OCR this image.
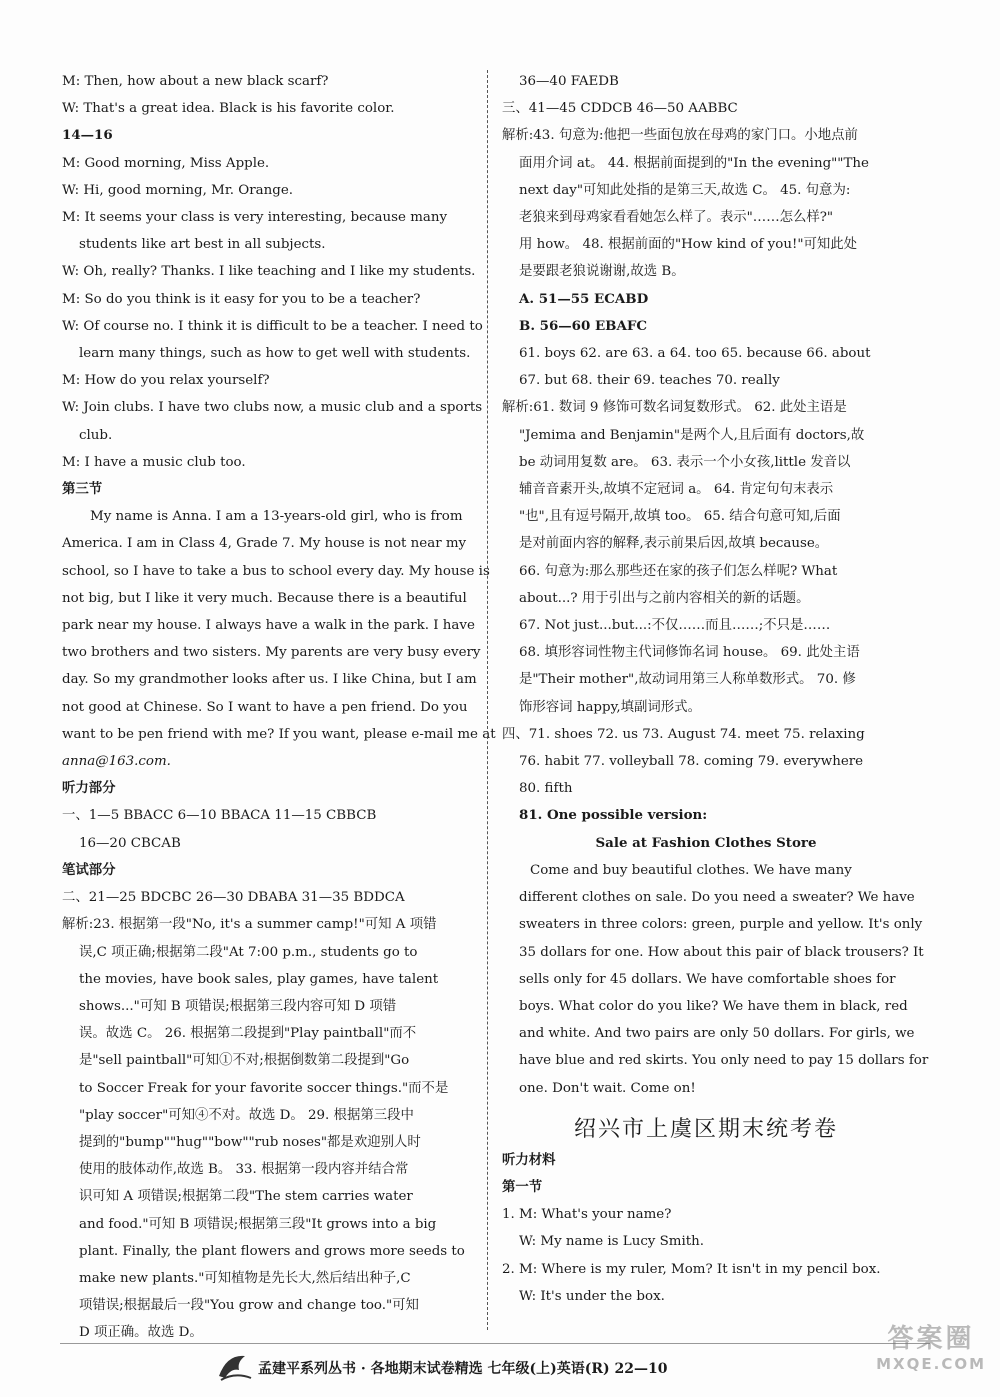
M: Then, how about a new black scarf?
W: That's a great idea. Black is his favorite color.
14—16
M: Good morning, Miss Apple.
W: Hi, good morning, Mr. Orange.
M: It seems your class is very interesting, because many
students like art best in all subjects.
W: Oh, really? Thanks. I like teaching and I like my students.
M: So do you think is it easy for you to be a teacher?
W: Of course no. I think it is difficult to be a teacher. I need to
learn many things, such as how to get well with students.
M: How do you relax yourself?
W: Join clubs. I have two clubs now, a music club and a sports
club.
M: I have a music club too.
第三节
My name is Anna. I am a 13-years-old girl, who is from
America. I am in Class 4, Grade 7. My house is not near my
school, so I have to take a bus to school every day. My house is
not big, but I like it very much. Because there is a beautiful
park near my house. I always have a walk in the park. I have
two brothers and two sisters. My parents are very busy every
day. So my grandmother looks after us. I like China, but I am
not good at Chinese. So I want to have a pen friend. Do you
want to be pen friend with me? If you want, please e-mail me at
anna@163.com.
听力部分
一、1—5 BBACC 6—10 BBACA 11—15 CBBCB
16—20 CBCAB
笔试部分
二、21—25 BDCBC 26—30 DBABA 31—35 BDDCA
解析:23. 根据第一段"No, it's a summer camp!"可知 A 项错
误,C 项正确;根据第二段"At 7:00 p.m., students go to
the movies, have book sales, play games, have talent
shows..."可知 B 项错误;根据第三段内容可知 D 项错
误。故选 C。 26. 根据第二段提到"Play paintball"而不
是"sell paintball"可知①不对;根据倒数第二段提到"Go
to Soccer Freak for your favorite soccer things."而不是
"play soccer"可知④不对。故选 D。 29. 根据第三段中
提到的"bump""hug""bow""rub noses"都是欢迎别人时
使用的肢体动作,故选 B。 33. 根据第一段内容并结合常
识可知 A 项错误;根据第二段"The stem carries water
and food."可知 B 项错误;根据第三段"It grows into a big
plant. Finally, the plant flowers and grows more seeds to
make new plants."可知植物是先长大,然后结出种子,C
项错误;根据最后一段"You grow and change too."可知
D 项正确。故选 D。
36—40 FAEDB
三、41—45 CDDCB 46—50 AABBC
解析:43. 句意为:他把一些面包放在母鸡的家门口。小地点前
面用介词 at。 44. 根据前面提到的"In the evening""The
next day"可知此处指的是第三天,故选 C。 45. 句意为:
老狼来到母鸡家看看她怎么样了。表示"……怎么样?"
用 how。 48. 根据前面的"How kind of you!"可知此处
是要跟老狼说谢谢,故选 B。
A. 51—55 ECABD
B. 56—60 EBAFC
61. boys 62. are 63. a 64. too 65. because 66. about
67. but 68. their 69. teaches 70. really
解析:61. 数词 9 修饰可数名词复数形式。 62. 此处主语是
"Jemima and Benjamin"是两个人,且后面有 doctors,故
be 动词用复数 are。 63. 表示一个小女孩,little 发音以
辅音音素开头,故填不定冠词 a。 64. 肯定句句末表示
"也",且有逗号隔开,故填 too。 65. 结合句意可知,后面
是对前面内容的解释,表示前果后因,故填 because。
66. 句意为:那么那些还在家的孩子们怎么样呢? What
about...? 用于引出与之前内容相关的新的话题。
67. Not just...but...:不仅……而且……;不只是……
68. 填形容词性物主代词修饰名词 house。 69. 此处主语
是"Their mother",故动词用第三人称单数形式。 70. 修
饰形容词 happy,填副词形式。
四、71. shoes 72. us 73. August 74. meet 75. relaxing
76. habit 77. volleyball 78. coming 79. everywhere
80. fifth
81. One possible version:
Sale at Fashion Clothes Store
Come and buy beautiful clothes. We have many
different clothes on sale. Do you need a sweater? We have
sweaters in three colors: green, purple and yellow. It's only
35 dollars for one. How about this pair of black trousers? It
sells only for 45 dollars. We have comfortable shoes for
boys. What color do you like? We have them in black, red
and white. And two pairs are only 50 dollars. For girls, we
have blue and red skirts. You only need to pay 15 dollars for
one. Don't wait. Come on!
绍兴市上虞区期末统考卷
听力材料
第一节
1. M: What's your name?
W: My name is Lucy Smith.
2. M: Where is my ruler, Mom? It isn't in my pencil box.
W: It's under the box.
孟建平系列丛书 · 各地期末试卷精选 七年级(上)英语(R) 22—10
答案圈
MXQE.COM
